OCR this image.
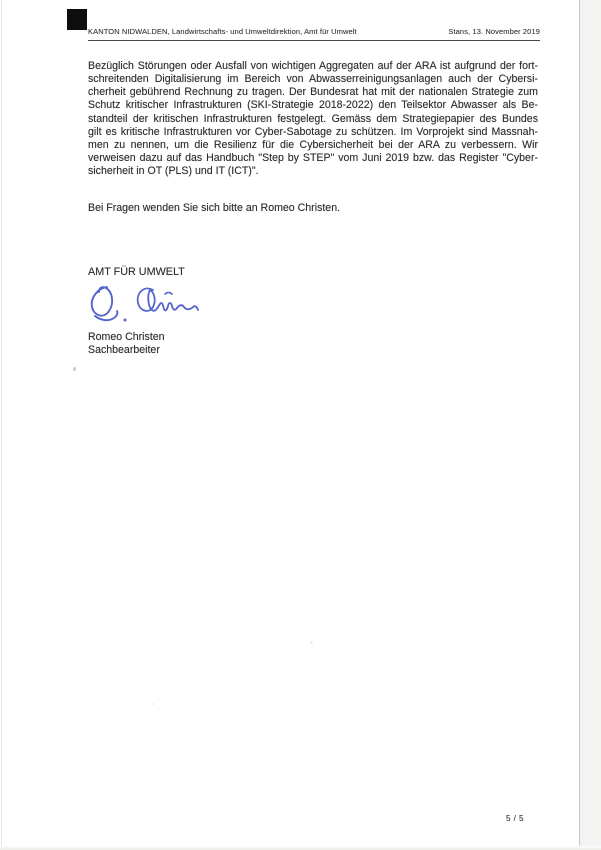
KANTON NIDWALDEN, Landwirtschafts- und Umweltdirektion, Amt für Umwelt	Stans, 13. November 2019
Bezüglich Störungen oder Ausfall von wichtigen Aggregaten auf der ARA ist aufgrund der fort-
schreitenden Digitalisierung im Bereich von Abwasserreinigungsanlagen auch der Cybersi-
cherheit gebührend Rechnung zu tragen. Der Bundesrat hat mit der nationalen Strategie zum
Schutz kritischer Infrastrukturen (SKI-Strategie 2018-2022) den Teilsektor Abwasser als Be-
standteil der kritischen Infrastrukturen festgelegt. Gemäss dem Strategiepapier des Bundes
gilt es kritische Infrastrukturen vor Cyber-Sabotage zu schützen. Im Vorprojekt sind Massnah-
men zu nennen, um die Resilienz für die Cybersicherheit bei der ARA zu verbessern. Wir
verweisen dazu auf das Handbuch "Step by STEP" vom Juni 2019 bzw. das Register "Cyber-
sicherheit in OT (PLS) und IT (ICT)".
Bei Fragen wenden Sie sich bitte an Romeo Christen.
AMT FÜR UMWELT
Romeo Christen
Sachbearbeiter
5 / 5
